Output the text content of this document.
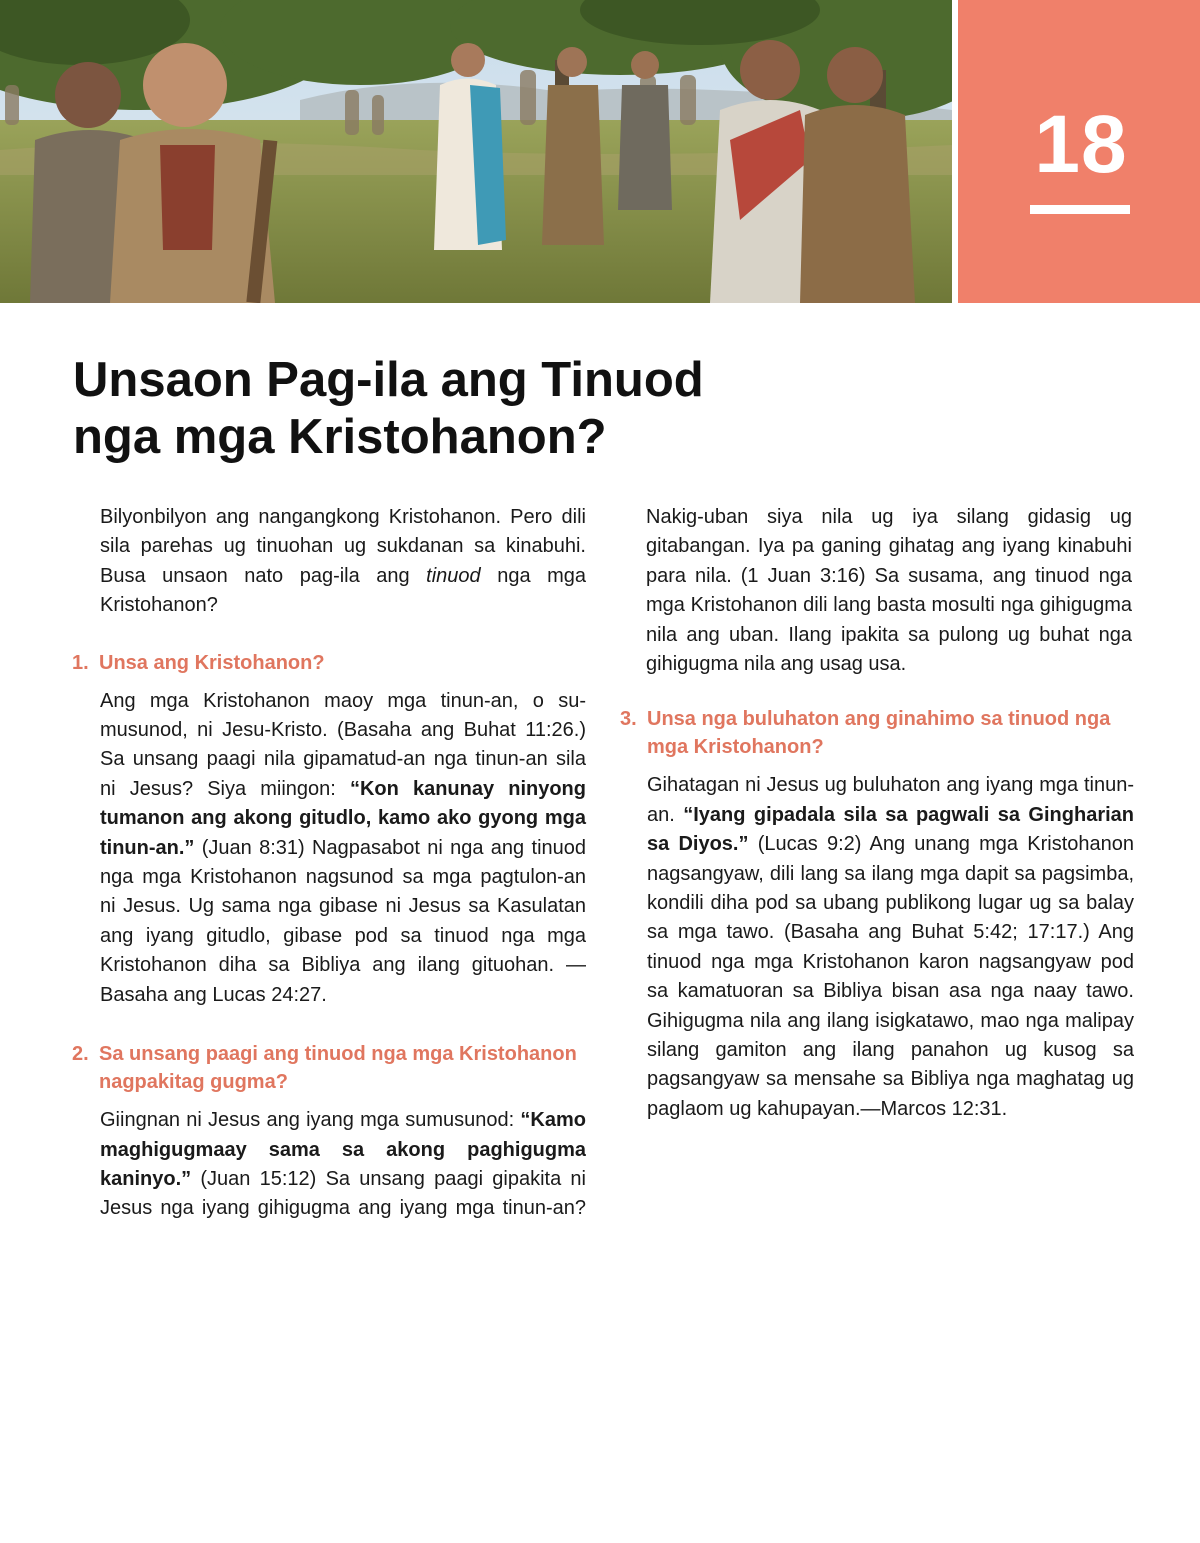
18
Unsaon Pag-ila ang Tinuod
nga mga Kristohanon?

Bilyonbilyon ang nangangkong Kristohanon. Pero dili sila parehas ug tinuohan ug sukdanan sa kinabuhi. Busa unsaon nato pag-ila ang tinuod nga mga Kristohanon?

1. Unsa ang Kristohanon?

Ang mga Kristohanon maoy mga tinun-an, o sumusunod, ni Jesu-Kristo. (Basaha ang Buhat 11:26.) Sa unsang paagi nila gipamatud-an nga tinun-an sila ni Jesus? Siya miingon: “Kon kanunay ninyong tumanon ang akong gitudlo, kamo ako gyong mga tinun-an.” (Juan 8:31) Nagpasabot ni nga ang tinuod nga mga Kristohanon nagsunod sa mga pagtulon-an ni Jesus. Ug sama nga gibase ni Jesus sa Kasulatan ang iyang gitudlo, gibase pod sa tinuod nga mga Kristohanon diha sa Bibliya ang ilang gituohan. —Basaha ang Lucas 24:27.

2. Sa unsang paagi ang tinuod nga mga Kristohanon nagpakitag gugma?

Giingnan ni Jesus ang iyang mga sumusunod: “Kamo maghigugmaay sama sa akong paghigugma kaninyo.” (Juan 15:12) Sa unsang paagi gipakita ni Jesus nga iyang gihigugma ang iyang mga tinun-an?

Nakig-uban siya nila ug iya silang gidasig ug gitabangan. Iya pa ganing gihatag ang iyang kinabuhi para nila. (1 Juan 3:16) Sa susama, ang tinuod nga mga Kristohanon dili lang basta mosulti nga gihigugma nila ang uban. Ilang ipakita sa pulong ug buhat nga gihigugma nila ang usag usa.

3. Unsa nga buluhaton ang ginahimo sa tinuod nga mga Kristohanon?

Gihatagan ni Jesus ug buluhaton ang iyang mga tinun-an. “Iyang gipadala sila sa pagwali sa Gingharian sa Diyos.” (Lucas 9:2) Ang unang mga Kristohanon nagsangyaw, dili lang sa ilang mga dapit sa pagsimba, kondili diha pod sa ubang publikong lugar ug sa balay sa mga tawo. (Basaha ang Buhat 5:42; 17:17.) Ang tinuod nga mga Kristohanon karon nagsangyaw pod sa kamatuoran sa Bibliya bisan asa nga naay tawo. Gihigugma nila ang ilang isigkatawo, mao nga malipay silang gamiton ang ilang panahon ug kusog sa pagsangyaw sa mensahe sa Bibliya nga maghatag ug paglaom ug kahupayan.—Marcos 12:31.
